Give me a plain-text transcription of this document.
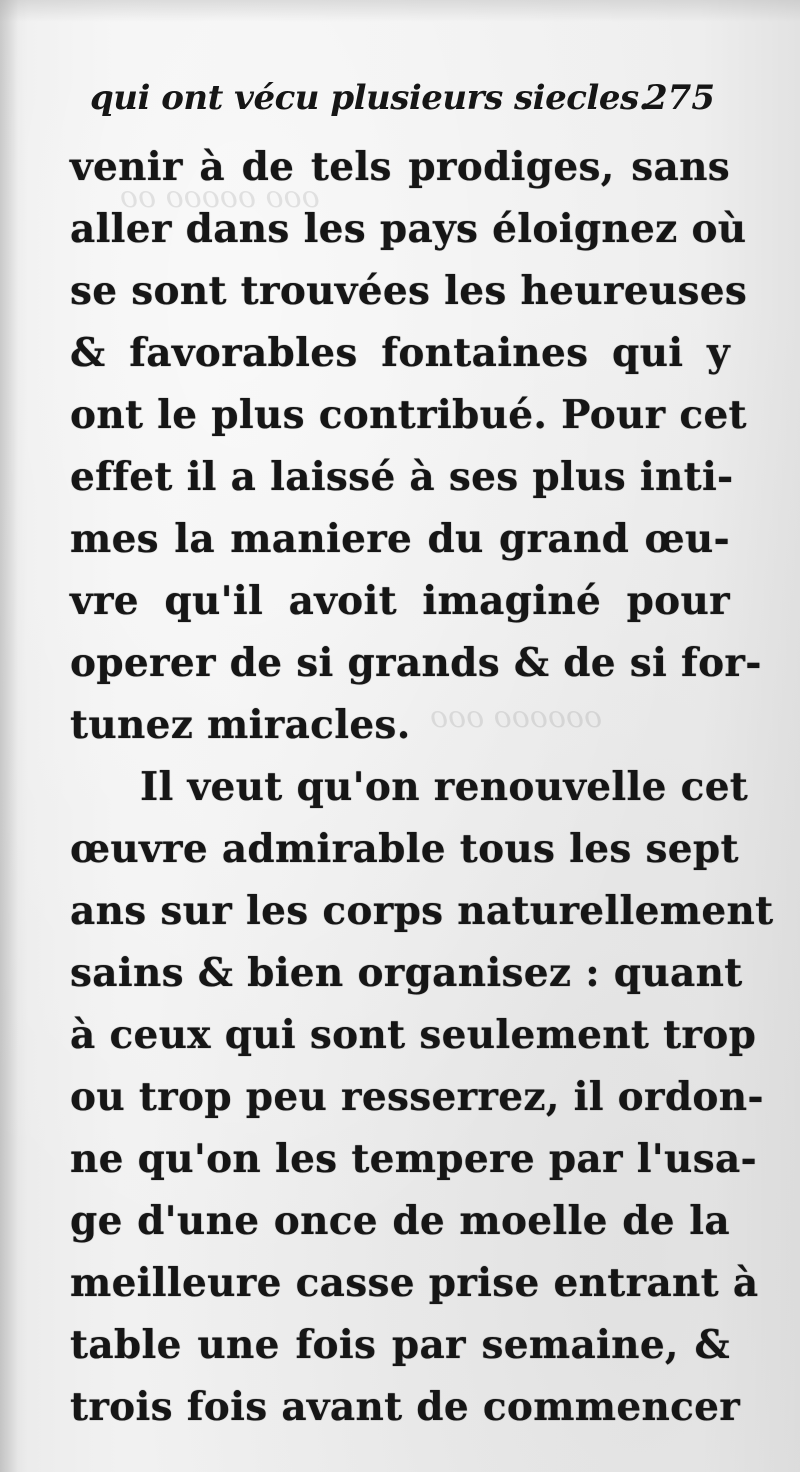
ooo ooooo oo
oooooo ooo
qui ont vécu plusieurs siecles.
275
venir à de tels prodiges, sans
aller dans les pays éloignez où
se sont trouvées les heureuses
& favorables fontaines qui y
ont le plus contribué. Pour cet
effet il a laissé à ses plus inti-
mes la maniere du grand œu-
vre qu'il avoit imaginé pour
operer de si grands & de si for-
tunez miracles.
Il veut qu'on renouvelle cet
œuvre admirable tous les sept
ans sur les corps naturellement
sains & bien organisez : quant
à ceux qui sont seulement trop
ou trop peu resserrez, il ordon-
ne qu'on les tempere par l'usa-
ge d'une once de moelle de la
meilleure casse prise entrant à
table une fois par semaine, &
trois fois avant de commencer
